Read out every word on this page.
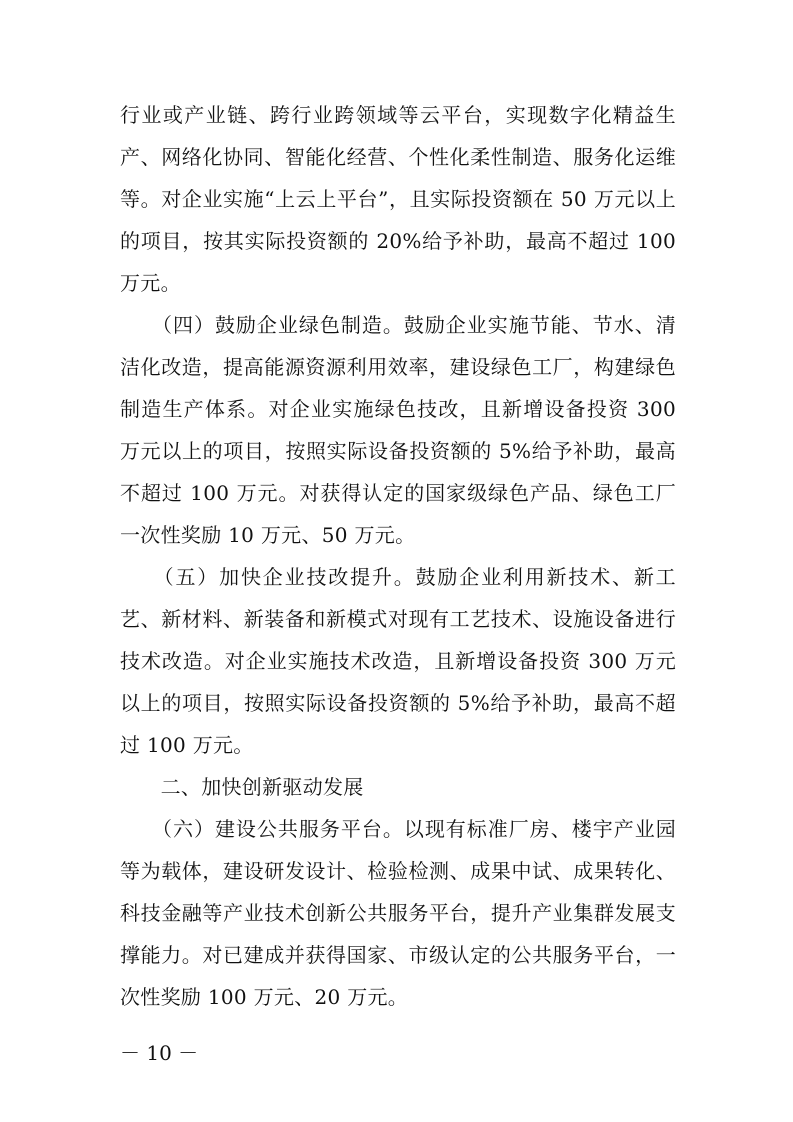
行业或产业链、跨行业跨领域等云平台，实现数字化精益生产、网络化协同、智能化经营、个性化柔性制造、服务化运维等。对企业实施“上云上平台”，且实际投资额在 50 万元以上的项目，按其实际投资额的 20%给予补助，最高不超过 100 万元。

　　（四）鼓励企业绿色制造。鼓励企业实施节能、节水、清洁化改造，提高能源资源利用效率，建设绿色工厂，构建绿色制造生产体系。对企业实施绿色技改，且新增设备投资 300 万元以上的项目，按照实际设备投资额的 5%给予补助，最高不超过 100 万元。对获得认定的国家级绿色产品、绿色工厂一次性奖励 10 万元、50 万元。

　　（五）加快企业技改提升。鼓励企业利用新技术、新工艺、新材料、新装备和新模式对现有工艺技术、设施设备进行技术改造。对企业实施技术改造，且新增设备投资 300 万元以上的项目，按照实际设备投资额的 5%给予补助，最高不超过 100 万元。

　　二、加快创新驱动发展

　　（六）建设公共服务平台。以现有标准厂房、楼宇产业园等为载体，建设研发设计、检验检测、成果中试、成果转化、科技金融等产业技术创新公共服务平台，提升产业集群发展支撑能力。对已建成并获得国家、市级认定的公共服务平台，一次性奖励 100 万元、20 万元。

－ 10 －
